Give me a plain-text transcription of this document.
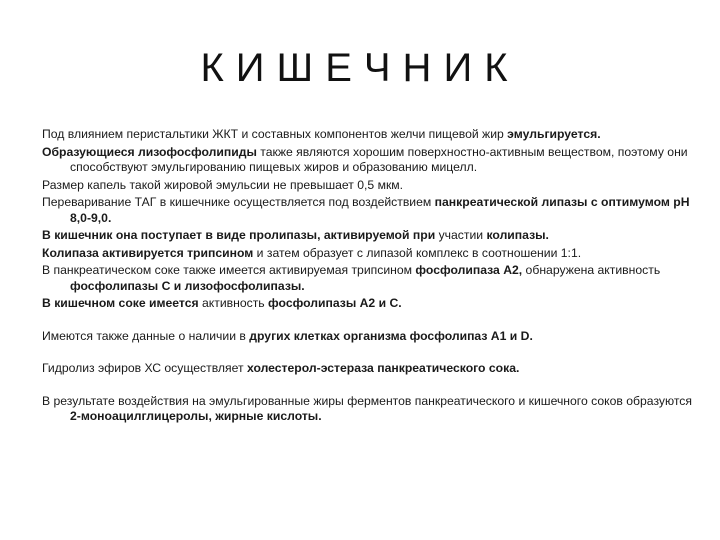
КИШЕЧНИК

Под влиянием перистальтики ЖКТ и составных компонентов желчи пищевой жир эмульгируется.

Образующиеся лизофосфолипиды также являются хорошим поверхностно-активным веществом, поэтому они способствуют эмульгированию пищевых жиров и образованию мицелл.

Размер капель такой жировой эмульсии не превышает 0,5 мкм.

Переваривание ТАГ в кишечнике осуществляется под воздействием панкреатической липазы с оптимумом рН 8,0-9,0.

В кишечник она поступает в виде пролипазы, активируемой при участии колипазы.

Колипаза активируется трипсином и затем образует с липазой комплекс в соотношении 1:1.

В панкреатическом соке также имеется активируемая трипсином фосфолипаза А2, обнаружена активность фосфолипазы С и лизофосфолипазы.

В кишечном соке имеется активность фосфолипазы А2 и С.

Имеются также данные о наличии в других клетках организма фосфолипаз А1 и D.

Гидролиз эфиров ХС осуществляет холестерол-эстераза панкреатического сока.

В результате воздействия на эмульгированные жиры ферментов панкреатического и кишечного соков образуются 2-моноацилглицеролы, жирные кислоты.
